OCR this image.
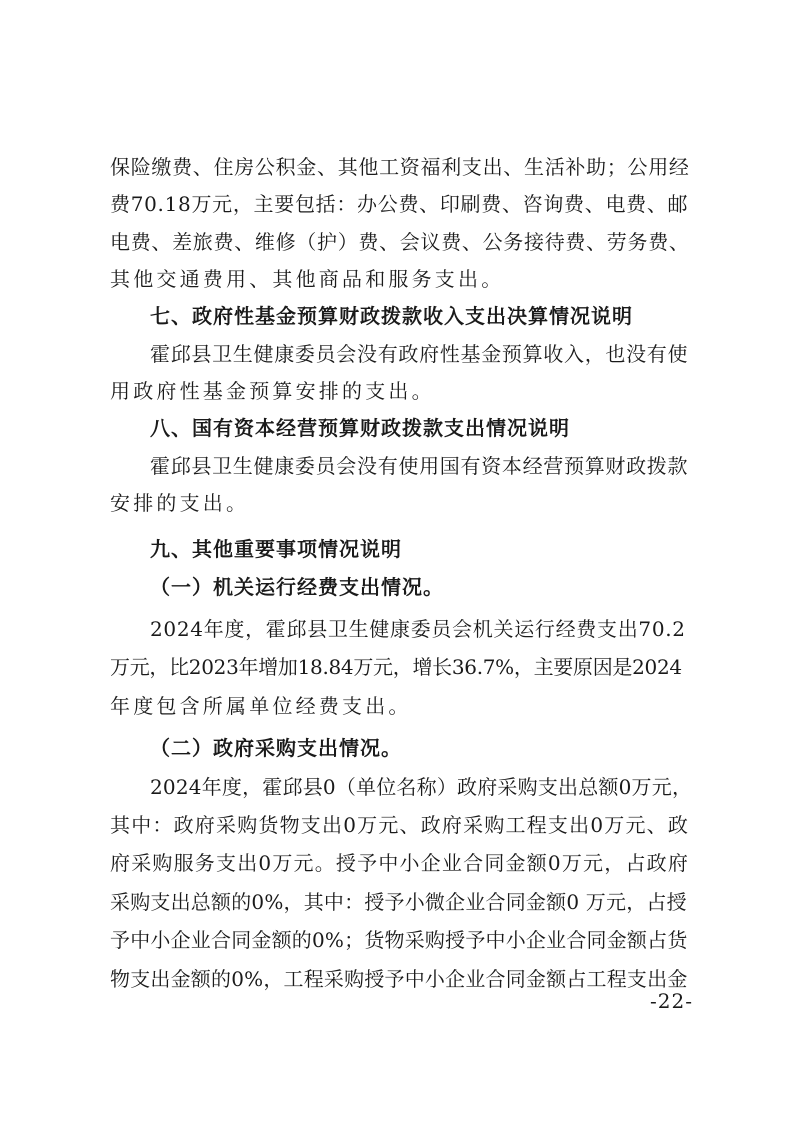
保险缴费、住房公积金、其他工资福利支出、生活补助；公用经
费70.18万元，主要包括：办公费、印刷费、咨询费、电费、邮
电费、差旅费、维修（护）费、会议费、公务接待费、劳务费、
其他交通费用、其他商品和服务支出。
七、政府性基金预算财政拨款收入支出决算情况说明
霍邱县卫生健康委员会没有政府性基金预算收入，也没有使
用政府性基金预算安排的支出。
八、国有资本经营预算财政拨款支出情况说明
霍邱县卫生健康委员会没有使用国有资本经营预算财政拨款
安排的支出。
九、其他重要事项情况说明
（一）机关运行经费支出情况。
2024年度，霍邱县卫生健康委员会机关运行经费支出70.2
万元，比2023年增加18.84万元，增长36.7%，主要原因是2024
年度包含所属单位经费支出。
（二）政府采购支出情况。
2024年度，霍邱县0（单位名称）政府采购支出总额0万元，
其中：政府采购货物支出0万元、政府采购工程支出0万元、政
府采购服务支出0万元。授予中小企业合同金额0万元，占政府
采购支出总额的0%，其中：授予小微企业合同金额0 万元，占授
予中小企业合同金额的0%；货物采购授予中小企业合同金额占货
物支出金额的0%，工程采购授予中小企业合同金额占工程支出金
-22-
